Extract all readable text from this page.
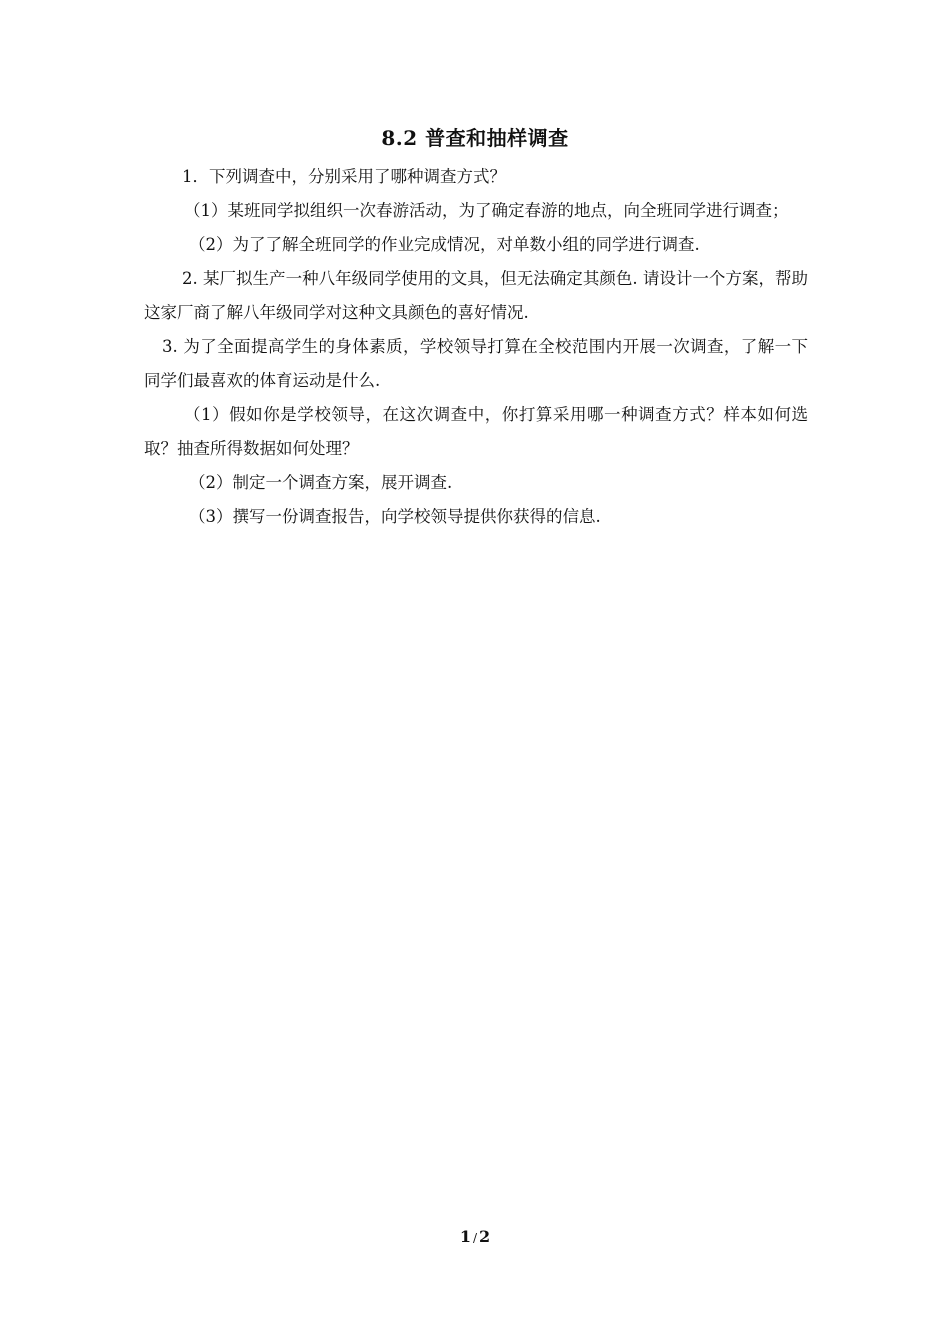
8.2 普查和抽样调查

1．下列调查中，分别采用了哪种调查方式？

（1）某班同学拟组织一次春游活动，为了确定春游的地点，向全班同学进行调查；

（2）为了了解全班同学的作业完成情况，对单数小组的同学进行调查.

2. 某厂拟生产一种八年级同学使用的文具，但无法确定其颜色. 请设计一个方案，帮助这家厂商了解八年级同学对这种文具颜色的喜好情况.

3. 为了全面提高学生的身体素质，学校领导打算在全校范围内开展一次调查，了解一下同学们最喜欢的体育运动是什么.

（1）假如你是学校领导，在这次调查中，你打算采用哪一种调查方式？样本如何选取？抽查所得数据如何处理？

（2）制定一个调查方案，展开调查.

（3）撰写一份调查报告，向学校领导提供你获得的信息.

1 / 2
